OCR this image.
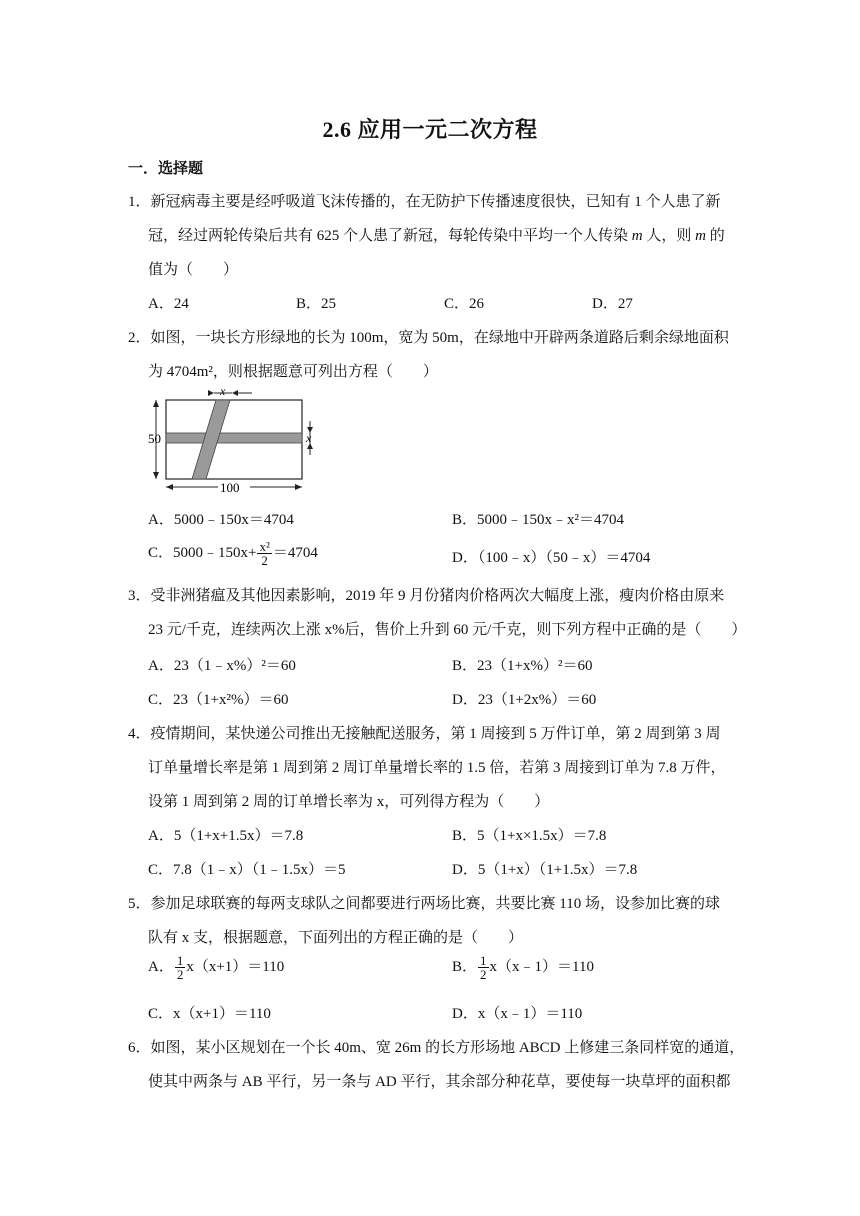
2.6 应用一元二次方程
一．选择题
1．新冠病毒主要是经呼吸道飞沫传播的，在无防护下传播速度很快，已知有 1 个人患了新
冠，经过两轮传染后共有 625 个人患了新冠，每轮传染中平均一个人传染 m 人，则 m 的
值为（　　）
A．24	B．25	C．26	D．27
2．如图，一块长方形绿地的长为 100m，宽为 50m，在绿地中开辟两条道路后剩余绿地面积
为 4704m²，则根据题意可列出方程（　　）
50
100
x
x
A．5000﹣150x＝4704	B．5000﹣150x﹣x²＝4704
C．5000﹣150x+ $\frac{\text{x²}}{2} =4704$	D．（100﹣x）（50﹣x）＝4704
3．受非洲猪瘟及其他因素影响，2019 年 9 月份猪肉价格两次大幅度上涨，瘦肉价格由原来
23 元/千克，连续两次上涨 x%后，售价上升到 60 元/千克，则下列方程中正确的是（　　）
A．23（1﹣x%）²＝60	B．23（1+x%）²＝60
C．23（1+x²%）＝60	D．23（1+2x%）＝60
4．疫情期间，某快递公司推出无接触配送服务，第 1 周接到 5 万件订单，第 2 周到第 3 周
订单量增长率是第 1 周到第 2 周订单量增长率的 1.5 倍，若第 3 周接到订单为 7.8 万件，
设第 1 周到第 2 周的订单增长率为 x，可列得方程为（　　）
A．5（1+x+1.5x）＝7.8	B．5（1+x×1.5x）＝7.8
C．7.8（1﹣x）（1﹣1.5x）＝5	D．5（1+x）（1+1.5x）＝7.8
5．参加足球联赛的每两支球队之间都要进行两场比赛，共要比赛 110 场，设参加比赛的球
队有 x 支，根据题意，下面列出的方程正确的是（　　）
A． $\frac{1}{2} x(x+1)=110$	B． $\frac{1}{2}$ x（x﹣1）＝110
C．x（x+1）＝110	D．x（x﹣1）＝110
6．如图，某小区规划在一个长 40m、宽 26m 的长方形场地 ABCD 上修建三条同样宽的通道，
使其中两条与 AB 平行，另一条与 AD 平行，其余部分种花草，要使每一块草坪的面积都
